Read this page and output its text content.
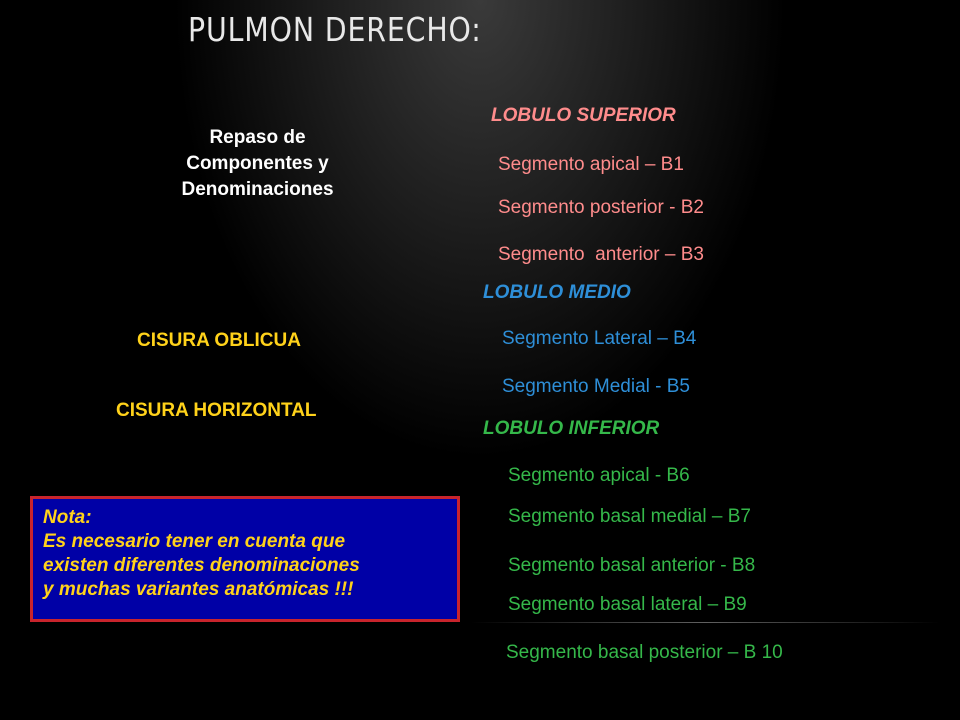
PULMON DERECHO:
Repaso de
Componentes y
Denominaciones
CISURA OBLICUA
CISURA HORIZONTAL
LOBULO SUPERIOR
Segmento apical – B1
Segmento posterior - B2
Segmento  anterior – B3
LOBULO MEDIO
Segmento Lateral – B4
Segmento Medial - B5
LOBULO INFERIOR
Segmento apical - B6
Segmento basal medial – B7
Segmento basal anterior - B8
Segmento basal lateral – B9
Segmento basal posterior – B 10
Nota:
Es necesario tener en cuenta que
existen diferentes denominaciones
y muchas variantes anatómicas !!!
